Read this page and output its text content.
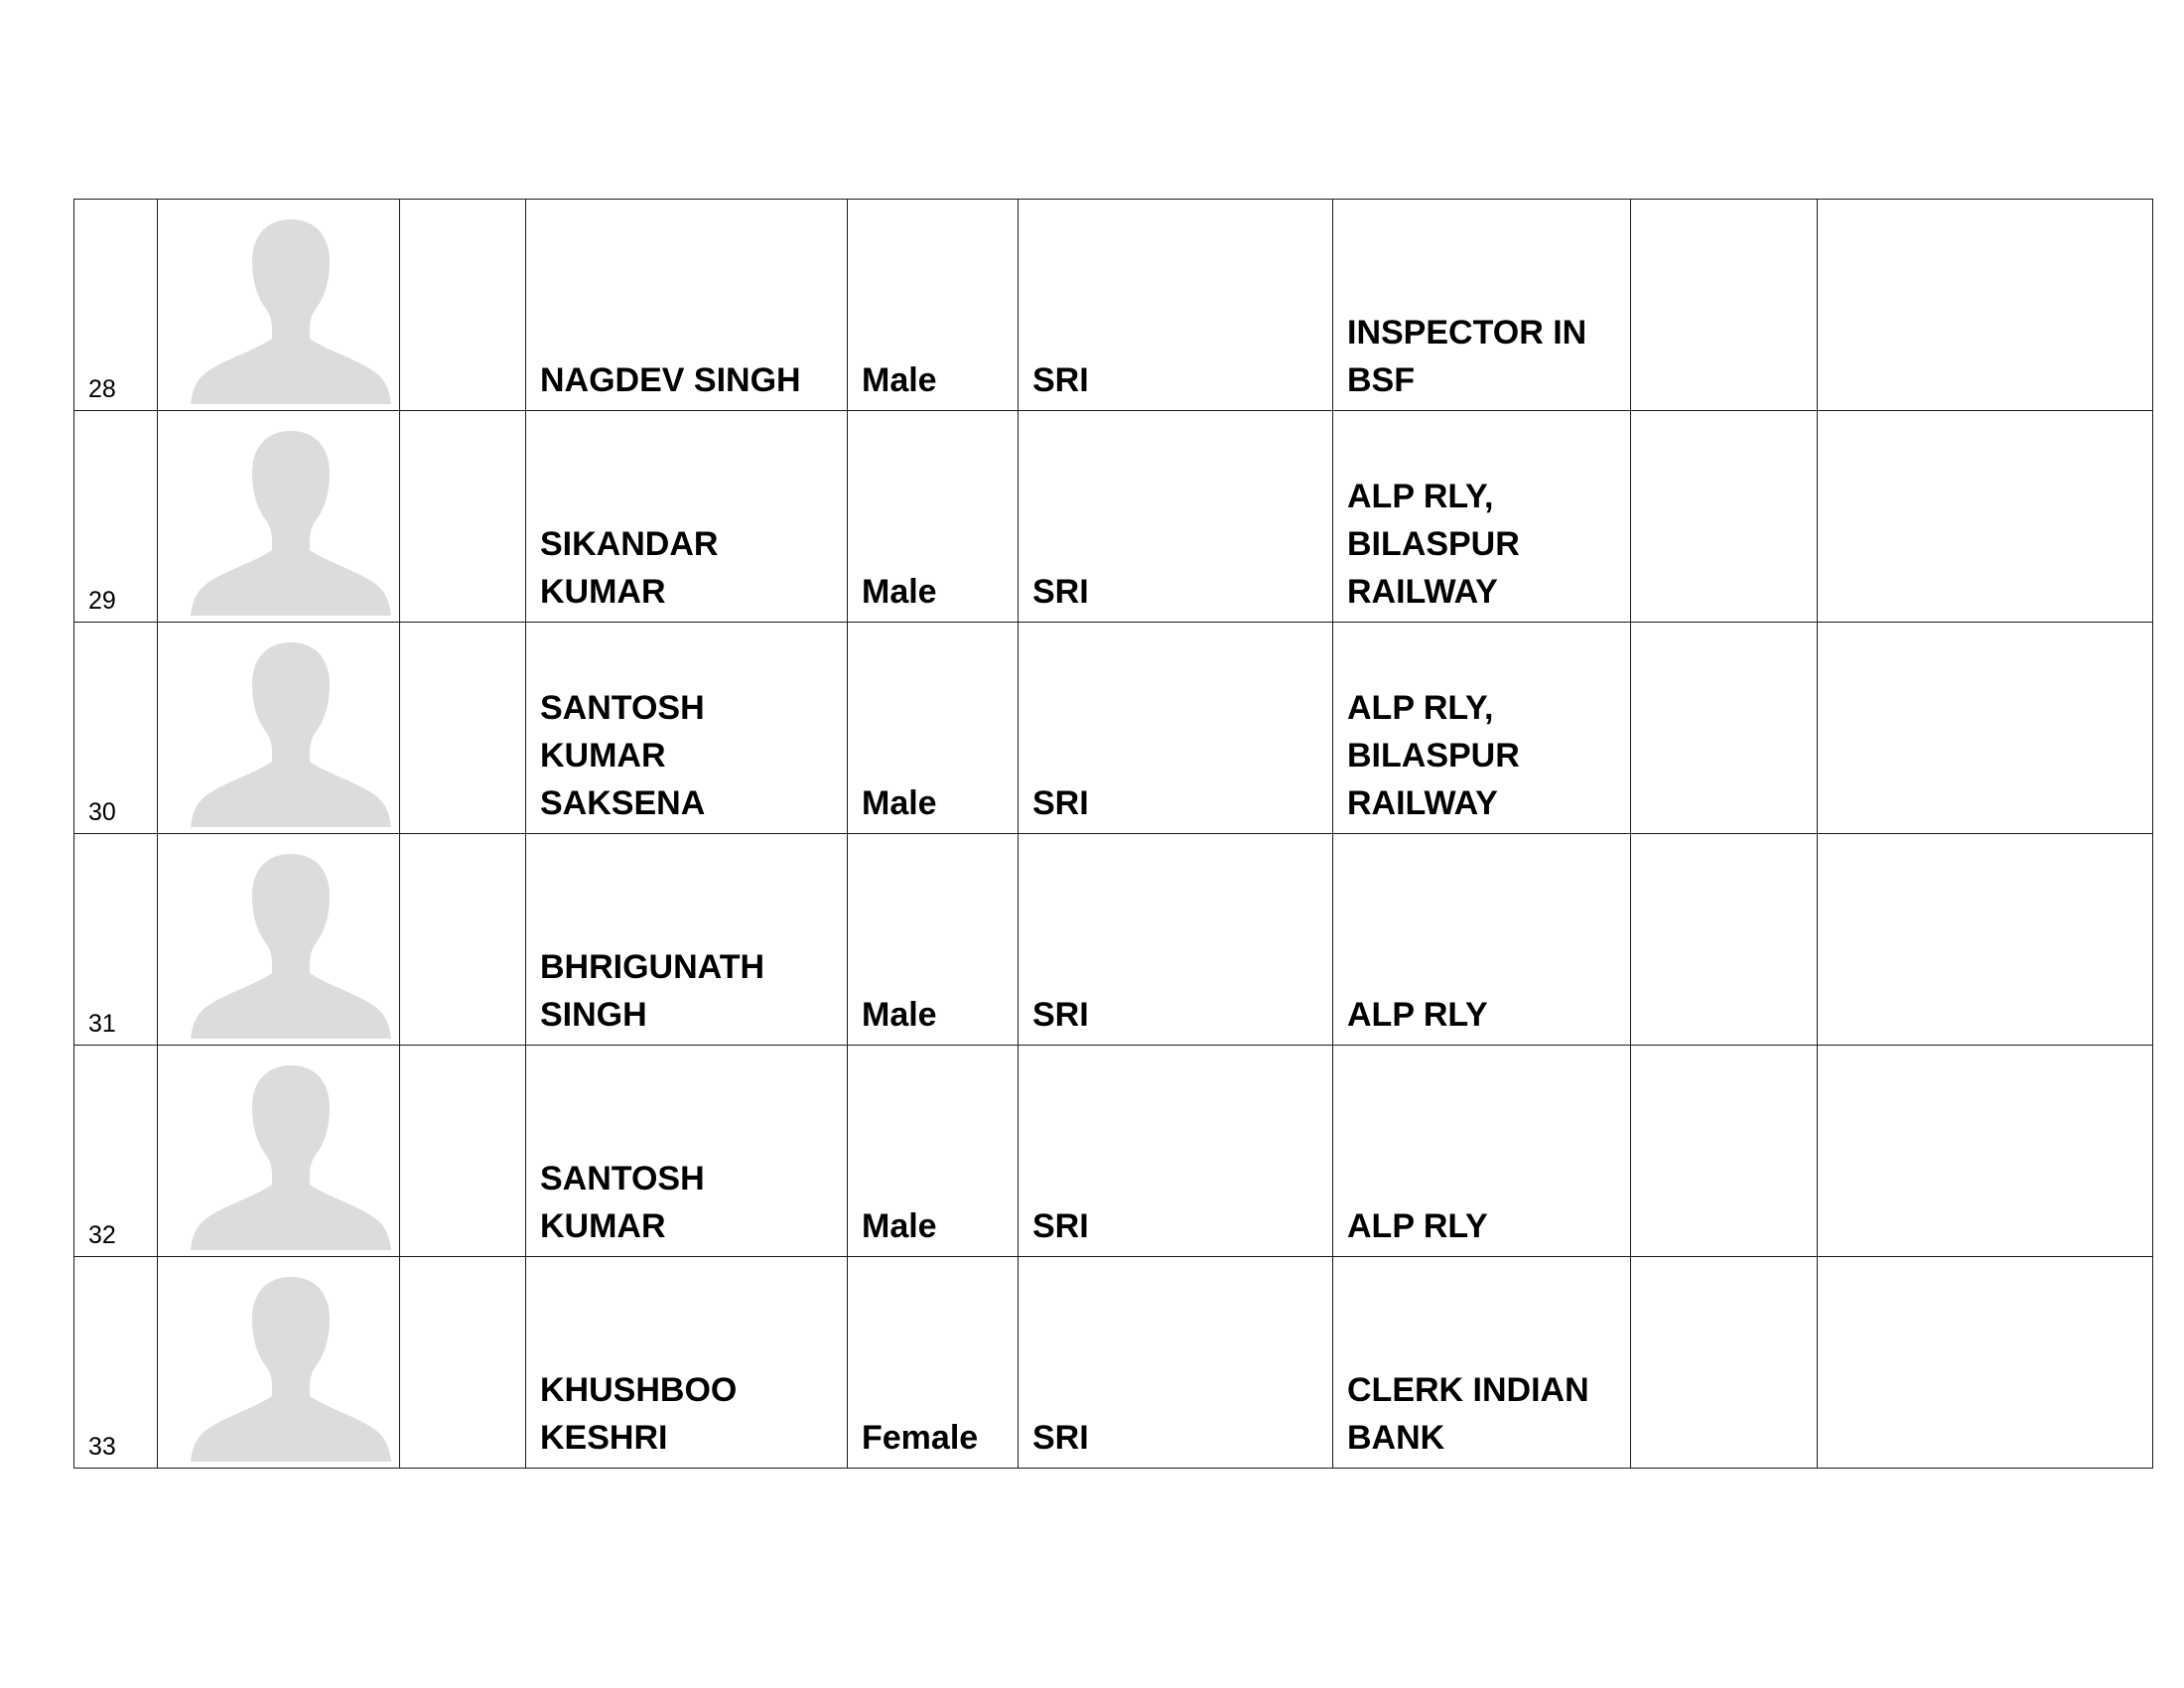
28			NAGDEV SINGH	Male	SRI	INSPECTOR IN
BSF		

29			SIKANDAR
KUMAR	Male	SRI	ALP RLY,
BILASPUR
RAILWAY		

30			SANTOSH KUMAR
SAKSENA	Male	SRI	ALP RLY,
BILASPUR
RAILWAY		

31			BHRIGUNATH
SINGH	Male	SRI	ALP RLY		

32			SANTOSH KUMAR	Male	SRI	ALP RLY		

33			KHUSHBOO
KESHRI	Female	SRI	CLERK INDIAN
BANK		
